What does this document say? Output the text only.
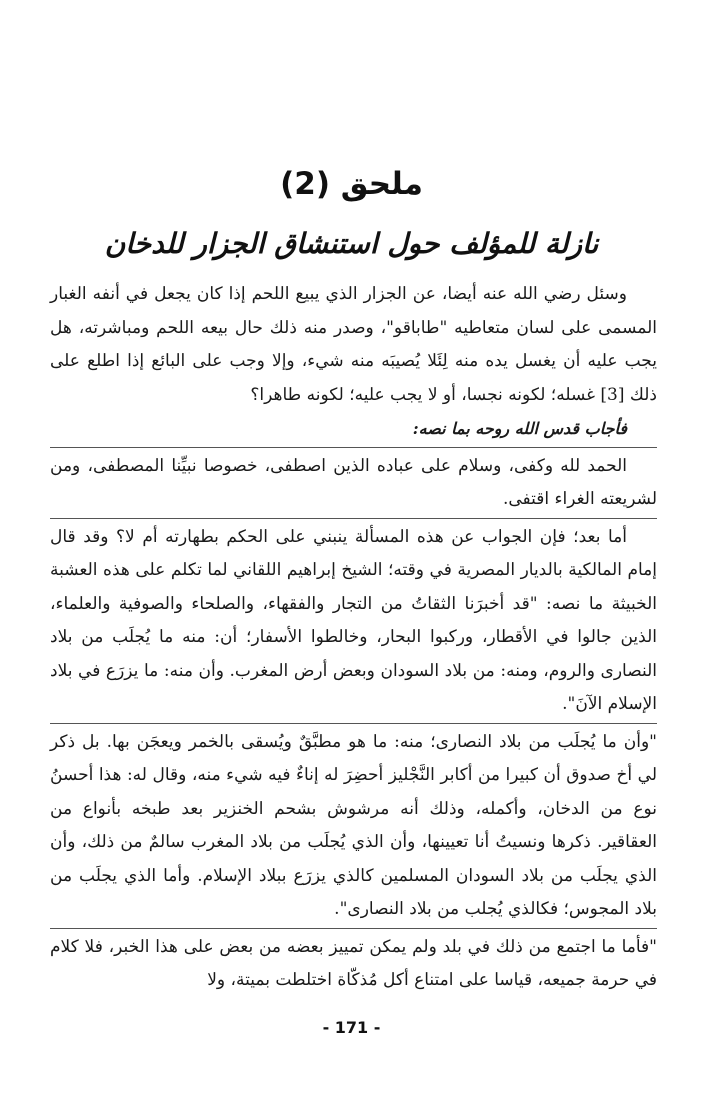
ملحق (2)
نازلة للمؤلف حول استنشاق الجزار للدخان

وسئل رضي الله عنه أيضا، عن الجزار الذي يبيع اللحم إذا كان يجعل في أنفه الغبار المسمى على لسان متعاطيه "طاباقو"، وصدر منه ذلك حال بيعه اللحم ومباشرته، هل يجب عليه أن يغسل يده منه لِئَلا يُصيبَه منه شيء، وإلا وجب على البائع إذا اطلع على ذلك [3] غسله؛ لكونه نجسا، أو لا يجب عليه؛ لكونه طاهرا؟

فأجاب قدس الله روحه بما نصه:

الحمد لله وكفى، وسلام على عباده الذين اصطفى، خصوصا نبيِّنا المصطفى، ومن لشريعته الغراء اقتفى.

أما بعد؛ فإن الجواب عن هذه المسألة ينبني على الحكم بطهارته أم لا؟ وقد قال إمام المالكية بالديار المصرية في وقته؛ الشيخ إبراهيم اللقاني لما تكلم على هذه العشبة الخبيثة ما نصه: "قد أخبرَنا الثقاتُ من التجار والفقهاء، والصلحاء والصوفية والعلماء، الذين جالوا في الأقطار، وركبوا البحار، وخالطوا الأسفار؛ أن: منه ما يُجلَب من بلاد النصارى والروم، ومنه: من بلاد السودان وبعض أرض المغرب. وأن منه: ما يزرَع في بلاد الإسلام الآنَ".

"وأن ما يُجلَب من بلاد النصارى؛ منه: ما هو مطبَّقٌ ويُسقى بالخمر ويعجَن بها. بل ذكر لي أخ صدوق أن كبيرا من أكابر النَّجْليز أحضِرَ له إناءٌ فيه شيء منه، وقال له: هذا أحسنُ نوع من الدخان، وأكمله، وذلك أنه مرشوش بشحم الخنزير بعد طبخه بأنواع من العقاقير. ذكرها ونسيتُ أنا تعيينها، وأن الذي يُجلَب من بلاد المغرب سالمٌ من ذلك، وأن الذي يجلَب من بلاد السودان المسلمين كالذي يزرَع ببلاد الإسلام. وأما الذي يجلَب من بلاد المجوس؛ فكالذي يُجلب من بلاد النصارى".

"فأما ما اجتمع من ذلك في بلد ولم يمكن تمييز بعضه من بعض على هذا الخبر، فلا كلام في حرمة جميعه، قياسا على امتناع أكل مُذكّاة اختلطت بميتة، ولا

- 171 -
